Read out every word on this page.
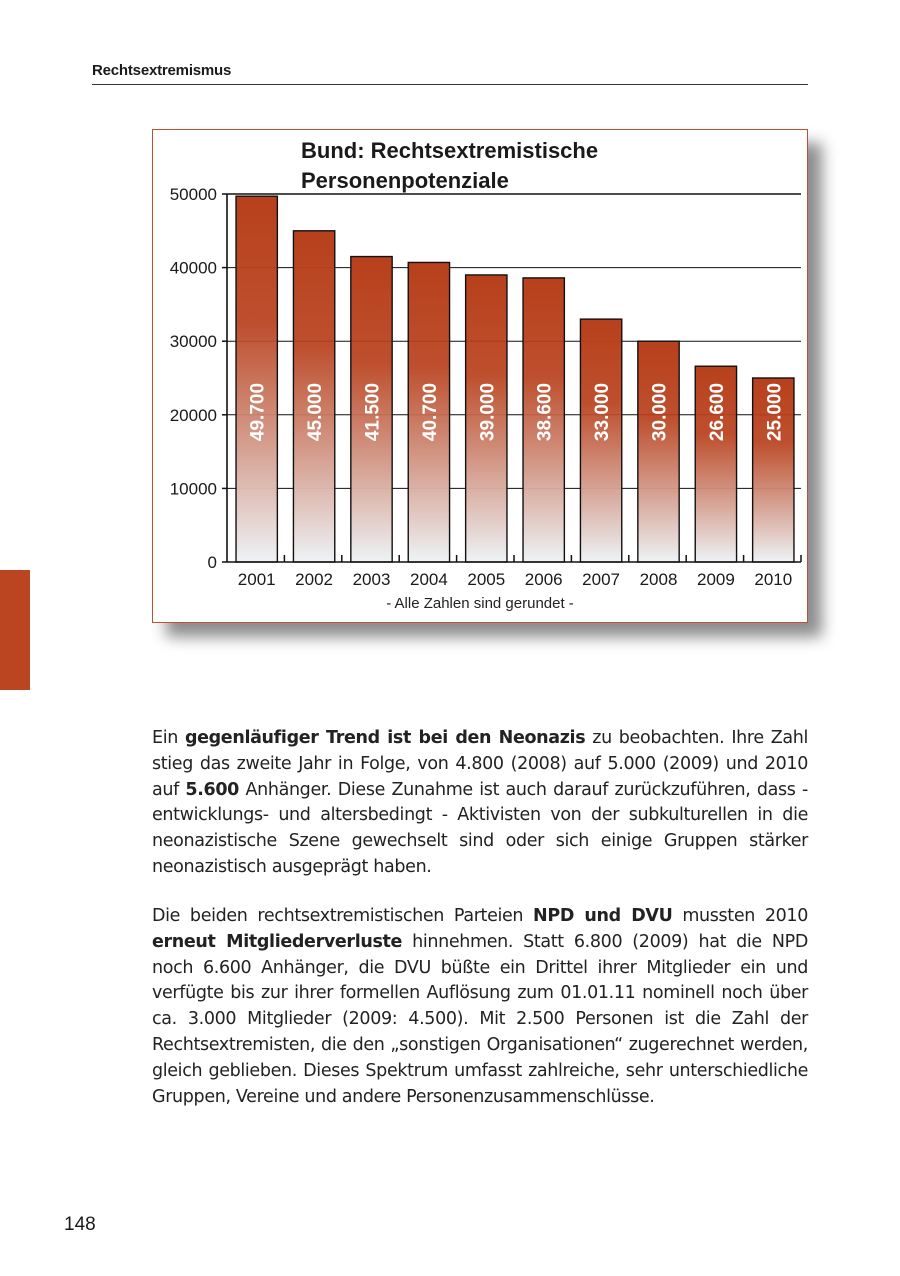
Rechtsextremismus
0
10000
20000
30000
40000
50000
2001
49.700
2002
45.000
2003
41.500
2004
40.700
2005
39.000
2006
38.600
2007
33.000
2008
30.000
2009
26.600
2010
25.000
Bund: Rechtsextremistische
Personenpotenziale
- Alle Zahlen sind gerundet -

Ein gegenläufiger Trend ist bei den Neonazis zu beobachten. Ihre Zahl stieg das zweite Jahr in Folge, von 4.800 (2008) auf 5.000 (2009) und 2010 auf 5.600 Anhänger. Diese Zunahme ist auch darauf zurückzuführen, dass - entwicklungs- und altersbedingt - Aktivisten von der subkulturellen in die neonazistische Szene gewechselt sind oder sich einige Gruppen stärker neonazistisch ausgeprägt haben.

Die beiden rechtsextremistischen Parteien NPD und DVU mussten 2010 erneut Mitgliederverluste hinnehmen. Statt 6.800 (2009) hat die NPD noch 6.600 Anhänger, die DVU büßte ein Drittel ihrer Mitglieder ein und verfügte bis zur ihrer formellen Auflösung zum 01.01.11 nominell noch über ca. 3.000 Mitglieder (2009: 4.500). Mit 2.500 Personen ist die Zahl der Rechtsextremisten, die den „sonstigen Organisationen“ zugerechnet werden, gleich geblieben. Dieses Spektrum umfasst zahlreiche, sehr unterschiedliche Gruppen, Vereine und andere Personenzusammenschlüsse.

148
